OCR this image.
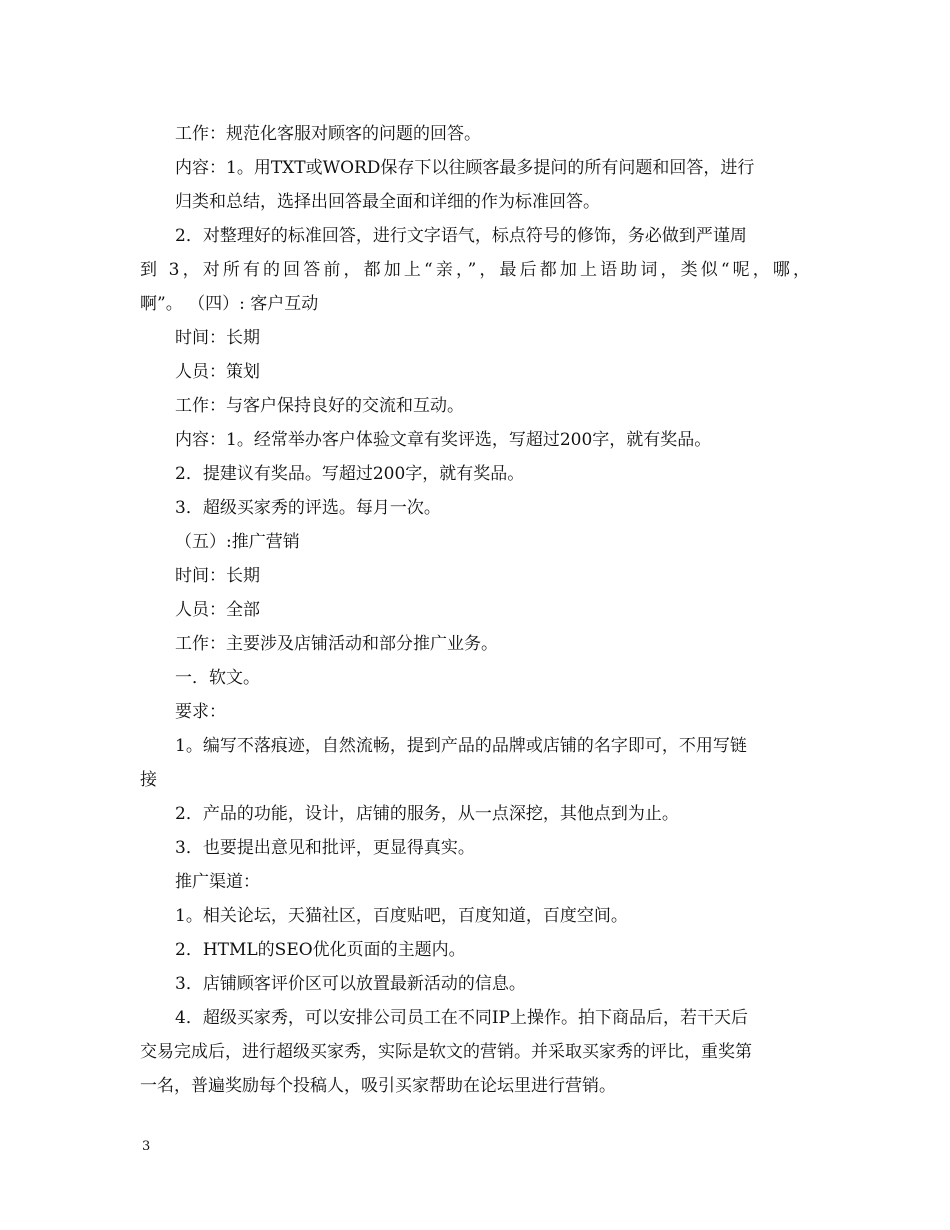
工作：规范化客服对顾客的问题的回答。
内容：1。用TXT或WORD保存下以往顾客最多提问的所有问题和回答，进行
归类和总结，选择出回答最全面和详细的作为标准回答。
2．对整理好的标准回答，进行文字语气，标点符号的修饰，务必做到严谨周
到 3，对所有的回答前，都加上“亲，”，最后都加上语助词，类似“呢，哪，
啊”。 （四）: 客户互动
时间：长期
人员：策划
工作：与客户保持良好的交流和互动。
内容：1。经常举办客户体验文章有奖评选，写超过200字，就有奖品。
2．提建议有奖品。写超过200字，就有奖品。
3．超级买家秀的评选。每月一次。
（五）:推广营销
时间：长期
人员：全部
工作：主要涉及店铺活动和部分推广业务。
一．软文。
要求：
1。编写不落痕迹，自然流畅，提到产品的品牌或店铺的名字即可，不用写链
接
2．产品的功能，设计，店铺的服务，从一点深挖，其他点到为止。
3．也要提出意见和批评，更显得真实。
推广渠道：
1。相关论坛，天猫社区，百度贴吧，百度知道，百度空间。
2．HTML的SEO优化页面的主题内。
3．店铺顾客评价区可以放置最新活动的信息。
4．超级买家秀，可以安排公司员工在不同IP上操作。拍下商品后，若干天后
交易完成后，进行超级买家秀，实际是软文的营销。并采取买家秀的评比，重奖第
一名，普遍奖励每个投稿人，吸引买家帮助在论坛里进行营销。
3
